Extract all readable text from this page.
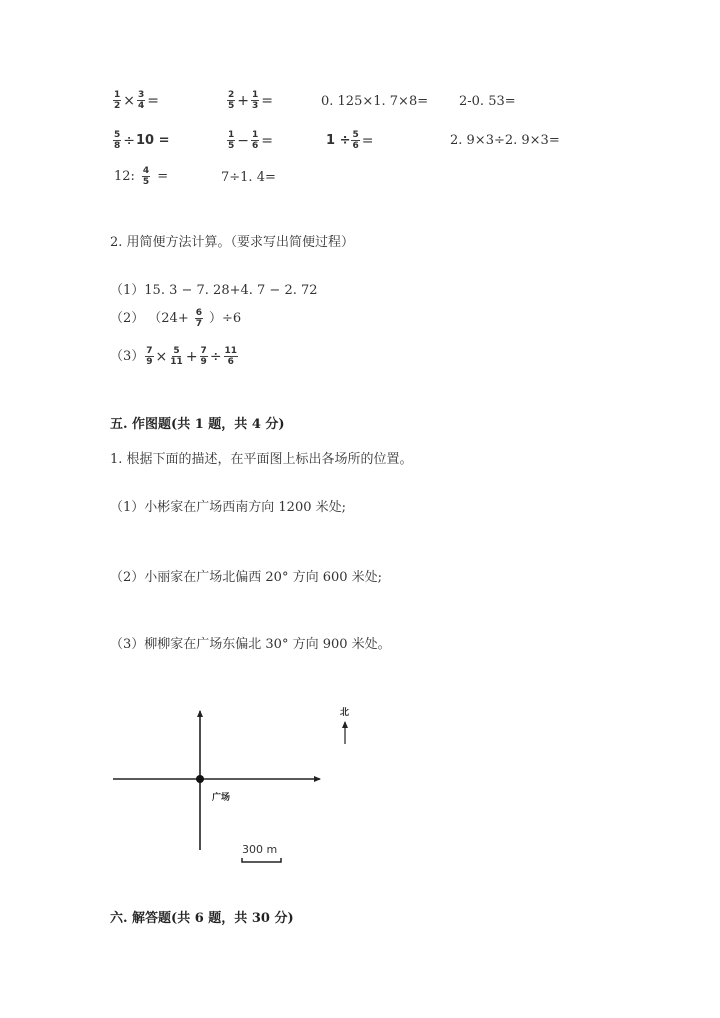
$\frac{1}{2} \times \frac{3}{4}$ =	$\frac{2}{5} + \frac{1}{3}$ =	0. 125×1. 7×8= 2-0. 53=
$\frac{5}{8} \div 10$ =	$\frac{1}{5} - \frac{1}{6}$ =	$1 \div \frac{5}{6}$ =	2. 9×3÷2. 9×3=
12: $\frac{4}{5}$ =	7÷1. 4=
2. 用简便方法计算。（要求写出简便过程）
（1）15. 3 − 7. 28+4. 7 − 2. 72
（2） $(24+ \frac{6}{7} )\div 6$
$(3) \frac{7}{9} \times \frac{5}{11} + \frac{7}{9} \div \frac{11}{6}$
五. 作图题(共 1 题，共 4 分)
1. 根据下面的描述，在平面图上标出各场所的位置。
（1）小彬家在广场西南方向 1200 米处;
（2）小丽家在广场北偏西 20° 方向 600 米处;
（3）柳柳家在广场东偏北 30° 方向 900 米处。
广场
北
300 m
六. 解答题(共 6 题，共 30 分)
